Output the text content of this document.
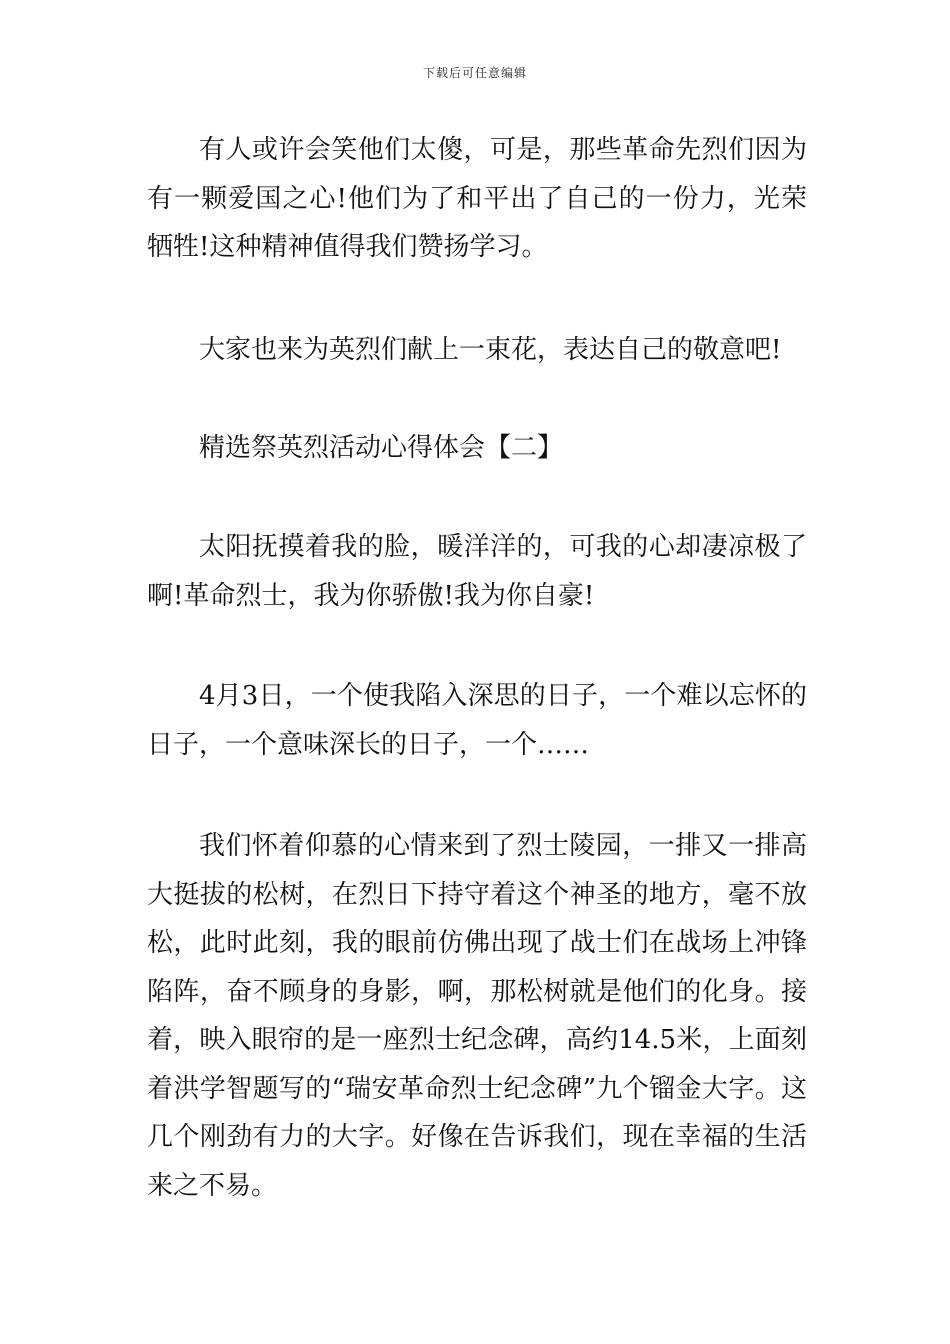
下载后可任意编辑

有人或许会笑他们太傻，可是，那些革命先烈们因为有一颗爱国之心!他们为了和平出了自己的一份力，光荣牺牲!这种精神值得我们赞扬学习。

大家也来为英烈们献上一束花，表达自己的敬意吧!

精选祭英烈活动心得体会【二】

太阳抚摸着我的脸，暖洋洋的，可我的心却凄凉极了啊!革命烈士，我为你骄傲!我为你自豪!

4月3日，一个使我陷入深思的日子，一个难以忘怀的日子，一个意味深长的日子，一个……

我们怀着仰慕的心情来到了烈士陵园，一排又一排高大挺拔的松树，在烈日下持守着这个神圣的地方，毫不放松，此时此刻，我的眼前仿佛出现了战士们在战场上冲锋陷阵，奋不顾身的身影，啊，那松树就是他们的化身。接着，映入眼帘的是一座烈士纪念碑，高约14.5米，上面刻着洪学智题写的“瑞安革命烈士纪念碑”九个镏金大字。这几个刚劲有力的大字。好像在告诉我们，现在幸福的生活来之不易。
